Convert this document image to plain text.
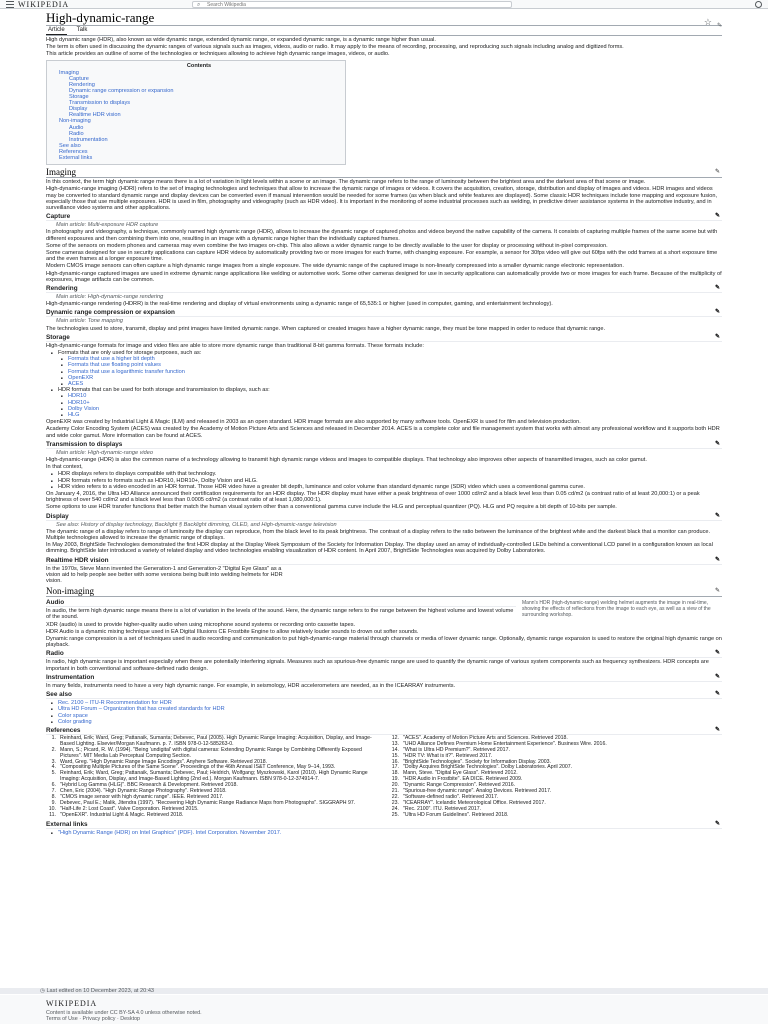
WIKIPEDIA	⌕
Search Wikipedia
High-dynamic-range
Article	Talk
☆ ✎

High dynamic range (HDR), also known as wide dynamic range, extended dynamic range, or expanded dynamic range, is a dynamic range higher than usual.

The term is often used in discussing the dynamic ranges of various signals such as images, videos, audio or radio. It may apply to the means of recording, processing, and reproducing such signals including analog and digitized forms.

This article provides an outline of some of the technologies or techniques allowing to achieve high dynamic range images, videos, or audio.

Contents
Imaging
Capture
Rendering
Dynamic range compression or expansion
Storage
Transmission to displays
Display
Realtime HDR vision
Non-imaging
Audio
Radio
Instrumentation
See also
References
External links
Imaging	✎

In this context, the term high dynamic range means there is a lot of variation in light levels within a scene or an image. The dynamic range refers to the range of luminosity between the brightest area and the darkest area of that scene or image.

High-dynamic-range imaging (HDRI) refers to the set of imaging technologies and techniques that allow to increase the dynamic range of images or videos. It covers the acquisition, creation, storage, distribution and display of images and videos. HDR images and videos may be converted to standard dynamic range and display devices can be converted even if manual intervention would be needed for some frames (as when black and white features are displayed). Some classic HDR techniques include tone mapping and exposure fusion, especially those that use multiple exposures. HDR is used in film, photography and videography (such as HDR video). It is important in the monitoring of some industrial processes such as welding, in predictive driver assistance systems in the automotive industry, and in surveillance video systems and other applications.

Capture	✎
Main article: Multi-exposure HDR capture

In photography and videography, a technique, commonly named high dynamic range (HDR), allows to increase the dynamic range of captured photos and videos beyond the native capability of the camera. It consists of capturing multiple frames of the same scene but with different exposures and then combining them into one, resulting in an image with a dynamic range higher than the individually captured frames.

Some of the sensors on modern phones and cameras may even combine the two images on-chip. This also allows a wider dynamic range to be directly available to the user for display or processing without in-pixel compression.

Some cameras designed for use in security applications can capture HDR videos by automatically providing two or more images for each frame, with changing exposure. For example, a sensor for 30fps video will give out 60fps with the odd frames at a short exposure time and the even frames at a longer exposure time.

Modern CMOS image sensors can often capture a high dynamic range images from a single exposure. The wide dynamic range of the captured image is non-linearly compressed into a smaller dynamic range electronic representation.

High-dynamic-range captured images are used in extreme dynamic range applications like welding or automotive work. Some other cameras designed for use in security applications can automatically provide two or more images for each frame. Because of the multiplicity of exposures, image artifacts can be common.

Rendering	✎
Main article: High-dynamic-range rendering

High-dynamic-range rendering (HDRR) is the real-time rendering and display of virtual environments using a dynamic range of 65,535:1 or higher (used in computer, gaming, and entertainment technology).

Dynamic range compression or expansion	✎
Main article: Tone mapping

The technologies used to store, transmit, display and print images have limited dynamic range. When captured or created images have a higher dynamic range, they must be tone mapped in order to reduce that dynamic range.

Storage	✎

High-dynamic-range formats for image and video files are able to store more dynamic range than traditional 8-bit gamma formats. These formats include:

■ Formats that are only used for storage purposes, such as:
■ Formats that use a higher bit depth
■ Formats that use floating point values
■ Formats that use a logarithmic transfer function
■ OpenEXR
■ ACES
■ HDR formats that can be used for both storage and transmission to displays, such as:
■ HDR10
■ HDR10+
■ Dolby Vision
■ HLG

OpenEXR was created by Industrial Light & Magic (ILM) and released in 2003 as an open standard. HDR image formats are also supported by many software tools. OpenEXR is used for film and television production.

Academy Color Encoding System (ACES) was created by the Academy of Motion Picture Arts and Sciences and released in December 2014. ACES is a complete color and file management system that works with almost any professional workflow and it supports both HDR and wide color gamut. More information can be found at ACES.

Transmission to displays	✎
Main article: High-dynamic-range video

High-dynamic-range (HDR) is also the common name of a technology allowing to transmit high dynamic range videos and images to compatible displays. That technology also improves other aspects of transmitted images, such as color gamut.

In that context,

■ HDR displays refers to displays compatible with that technology.
■ HDR formats refers to formats such as HDR10, HDR10+, Dolby Vision and HLG.
■ HDR video refers to a video encoded in an HDR format. Those HDR video have a greater bit depth, luminance and color volume than standard dynamic range (SDR) video which uses a conventional gamma curve.

On January 4, 2016, the Ultra HD Alliance announced their certification requirements for an HDR display. The HDR display must have either a peak brightness of over 1000 cd/m2 and a black level less than 0.05 cd/m2 (a contrast ratio of at least 20,000:1) or a peak brightness of over 540 cd/m2 and a black level less than 0.0005 cd/m2 (a contrast ratio of at least 1,080,000:1).

Some options to use HDR transfer functions that better match the human visual system other than a conventional gamma curve include the HLG and perceptual quantizer (PQ). HLG and PQ require a bit depth of 10-bits per sample.

Display	✎
See also: History of display technology, Backlight § Backlight dimming, OLED, and High-dynamic-range television

The dynamic range of a display refers to range of luminosity the display can reproduce, from the black level to its peak brightness. The contrast of a display refers to the ratio between the luminance of the brightest white and the darkest black that a monitor can produce. Multiple technologies allowed to increase the dynamic range of displays.

In May 2003, BrightSide Technologies demonstrated the first HDR display at the Display Week Symposium of the Society for Information Display. The display used an array of individually-controlled LEDs behind a conventional LCD panel in a configuration known as local dimming. BrightSide later introduced a variety of related display and video technologies enabling visualization of HDR content. In April 2007, BrightSide Technologies was acquired by Dolby Laboratories.

Realtime HDR vision	✎

In the 1970s, Steve Mann invented the Generation-1 and Generation-2 "Digital Eye Glass" as a vision aid to help people see better with some versions being built into welding helmets for HDR vision.

Non-imaging	✎
Mann's HDR (high-dynamic-range) welding helmet augments the image in real-time, showing the effects of reflections from the image to each eye, as well as a view of the surrounding workshop.
Audio

In audio, the term high dynamic range means there is a lot of variation in the levels of the sound. Here, the dynamic range refers to the range between the highest volume and lowest volume of the sound.

XDR (audio) is used to provide higher-quality audio when using microphone sound systems or recording onto cassette tapes.

HDR Audio is a dynamic mixing technique used in EA Digital Illusions CE Frostbite Engine to allow relatively louder sounds to drown out softer sounds.

Dynamic range compression is a set of techniques used in audio recording and communication to put high-dynamic-range material through channels or media of lower dynamic range. Optionally, dynamic range expansion is used to restore the original high dynamic range on playback.

Radio	✎

In radio, high dynamic range is important especially when there are potentially interfering signals. Measures such as spurious-free dynamic range are used to quantify the dynamic range of various system components such as frequency synthesizers. HDR concepts are important in both conventional and software-defined radio design.

Instrumentation	✎

In many fields, instruments need to have a very high dynamic range. For example, in seismology, HDR accelerometers are needed, as in the ICEARRAY instruments.

See also	✎
■ Rec. 2100 – ITU-R Recommendation for HDR
■ Ultra HD Forum – Organization that has created standards for HDR
■ Color space
■ Color grading
References	✎
1. Reinhard, Erik; Ward, Greg; Pattanaik, Sumanta; Debevec, Paul (2005). High Dynamic Range Imaging: Acquisition, Display, and Image-Based Lighting. Elsevier/Morgan Kaufmann. p. 7. ISBN 978-0-12-585263-0.
2. Mann, S.; Picard, R. W. (1994). "Being 'undigital' with digital cameras: Extending Dynamic Range by Combining Differently Exposed Pictures". MIT Media Lab Perceptual Computing Section.
3. Ward, Greg. "High Dynamic Range Image Encodings". Anyhere Software. Retrieved 2018.
4. "Compositing Multiple Pictures of the Same Scene". Proceedings of the 46th Annual IS&T Conference, May 9–14, 1993.
5. Reinhard, Erik; Ward, Greg; Pattanaik, Sumanta; Debevec, Paul; Heidrich, Wolfgang; Myszkowski, Karol (2010). High Dynamic Range Imaging: Acquisition, Display, and Image-Based Lighting (2nd ed.). Morgan Kaufmann. ISBN 978-0-12-374914-7.
6. "Hybrid Log Gamma (HLG)". BBC Research & Development. Retrieved 2018.
7. Chen, Eric (2004). "High Dynamic Range Photography". Retrieved 2018.
8. "CMOS image sensor with high dynamic range". IEEE. Retrieved 2017.
9. Debevec, Paul E.; Malik, Jitendra (1997). "Recovering High Dynamic Range Radiance Maps from Photographs". SIGGRAPH 97.
10. "Half-Life 2: Lost Coast". Valve Corporation. Retrieved 2015.
11. "OpenEXR". Industrial Light & Magic. Retrieved 2018.
12. "ACES". Academy of Motion Picture Arts and Sciences. Retrieved 2018.
13. "UHD Alliance Defines Premium Home Entertainment Experience". Business Wire. 2016.
14. "What is Ultra HD Premium?". Retrieved 2017.
15. "HDR TV: What is it?". Retrieved 2017.
16. "BrightSide Technologies". Society for Information Display. 2003.
17. "Dolby Acquires BrightSide Technologies". Dolby Laboratories. April 2007.
18. Mann, Steve. "Digital Eye Glass". Retrieved 2012.
19. "HDR Audio in Frostbite". EA DICE. Retrieved 2009.
20. "Dynamic Range Compression". Retrieved 2016.
21. "Spurious-free dynamic range". Analog Devices. Retrieved 2017.
22. "Software-defined radio". Retrieved 2017.
23. "ICEARRAY". Icelandic Meteorological Office. Retrieved 2017.
24. "Rec. 2100". ITU. Retrieved 2017.
25. "Ultra HD Forum Guidelines". Retrieved 2018.
External links	✎
■ "High Dynamic Range (HDR) on Intel Graphics" (PDF). Intel Corporation. November 2017.
◷ Last edited on 10 December 2023, at 20:43
WIKIPEDIA
Content is available under CC BY-SA 4.0 unless otherwise noted.
Terms of Use · Privacy policy · Desktop
